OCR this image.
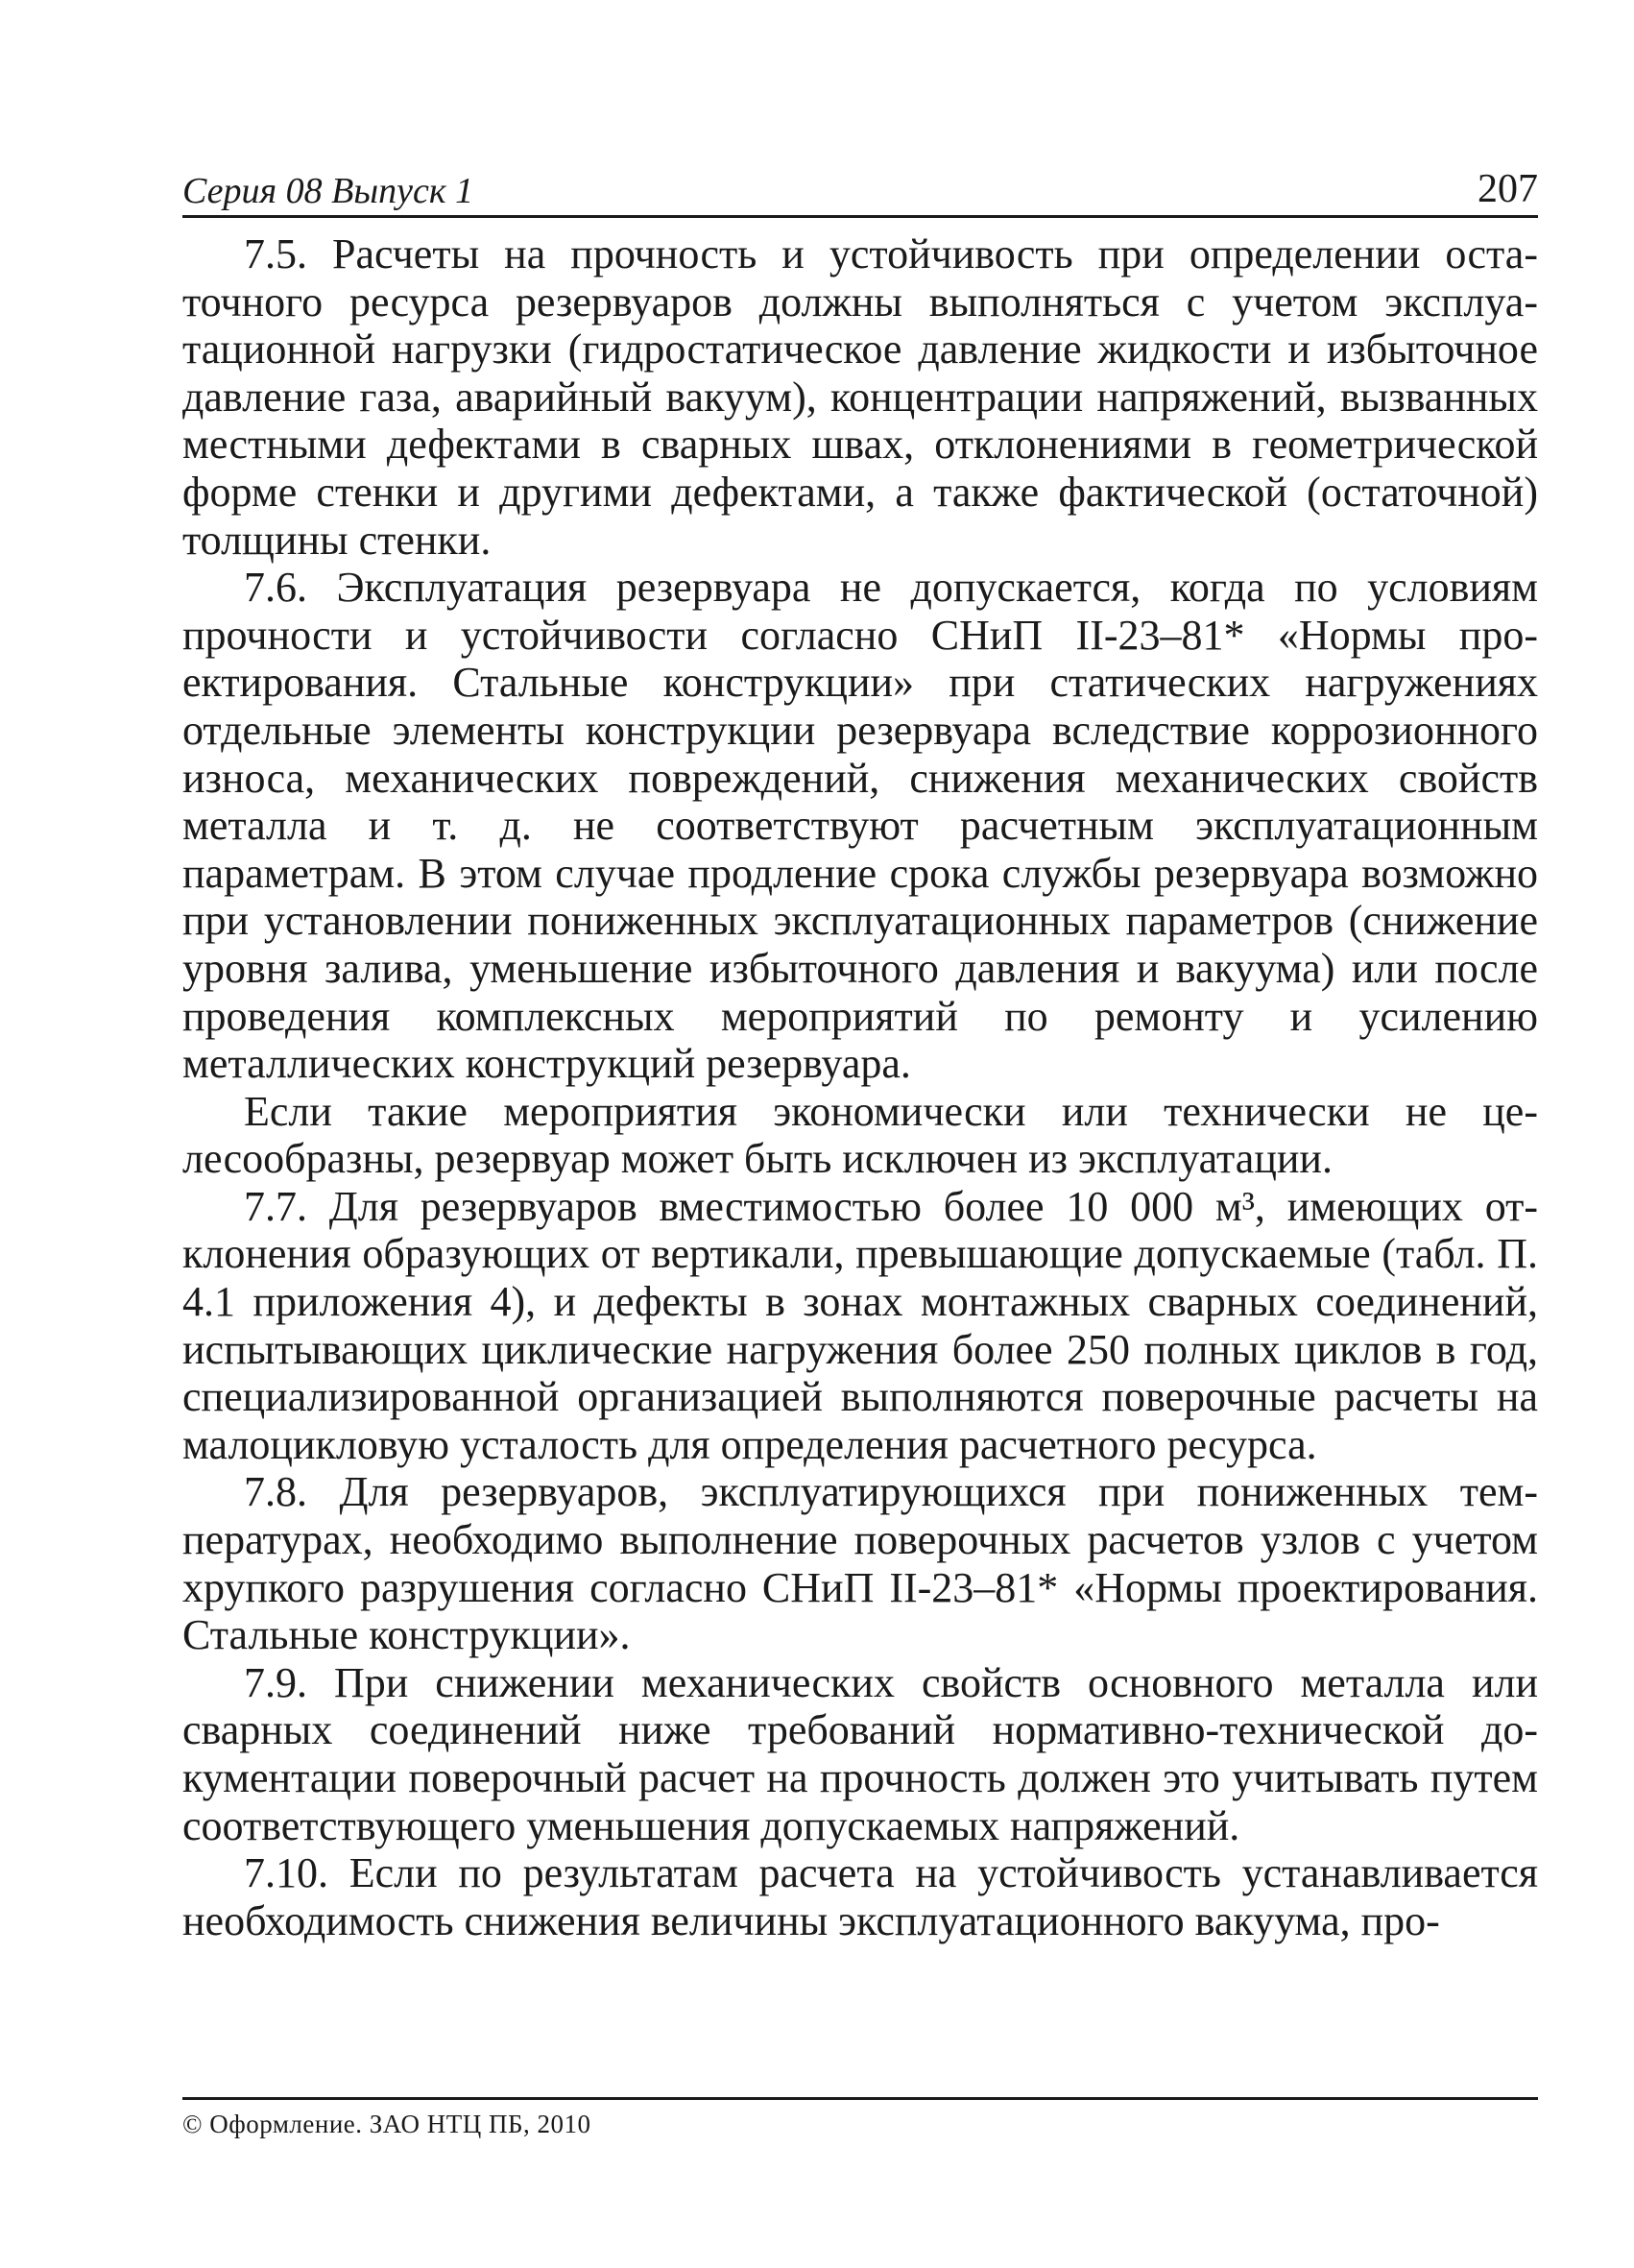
Серия 08 Выпуск 1	207

7.5. Расчеты на прочность и устойчивость при определении остаточного ресурса резервуаров должны выполняться с учетом эксплуатационной нагрузки (гидростатическое давление жидкости и избыточное давление газа, аварийный вакуум), концентрации напряжений, вызванных местными дефектами в сварных швах, отклонениями в геометрической форме стенки и другими дефектами, а также фактической (остаточной) толщины стенки.

7.6. Эксплуатация резервуара не допускается, когда по условиям прочности и устойчивости согласно СНиП II-23–81* «Нормы проектирования. Стальные конструкции» при статических нагружениях отдельные элементы конструкции резервуара вследствие коррозионного износа, механических повреждений, снижения механических свойств металла и т. д. не соответствуют расчетным эксплуатационным параметрам. В этом случае продление срока службы резервуара возможно при установлении пониженных эксплуатационных параметров (снижение уровня залива, уменьшение избыточного давления и вакуума) или после проведения комплексных мероприятий по ремонту и усилению металлических конструкций резервуара.

Если такие мероприятия экономически или технически не целесообразны, резервуар может быть исключен из эксплуатации.

7.7. Для резервуаров вместимостью более 10 000 м³, имеющих отклонения образующих от вертикали, превышающие допускаемые (табл. П. 4.1 приложения 4), и дефекты в зонах монтажных сварных соединений, испытывающих циклические нагружения более 250 полных циклов в год, специализированной организацией выполняются поверочные расчеты на малоцикловую усталость для определения расчетного ресурса.

7.8. Для резервуаров, эксплуатирующихся при пониженных температурах, необходимо выполнение поверочных расчетов узлов с учетом хрупкого разрушения согласно СНиП II-23–81* «Нормы проектирования. Стальные конструкции».

7.9. При снижении механических свойств основного металла или сварных соединений ниже требований нормативно-технической документации поверочный расчет на прочность должен это учитывать путем соответствующего уменьшения допускаемых напряжений.

7.10. Если по результатам расчета на устойчивость устанавливается необходимость снижения величины эксплуатационного вакуума, про-

© Оформление. ЗАО НТЦ ПБ, 2010
